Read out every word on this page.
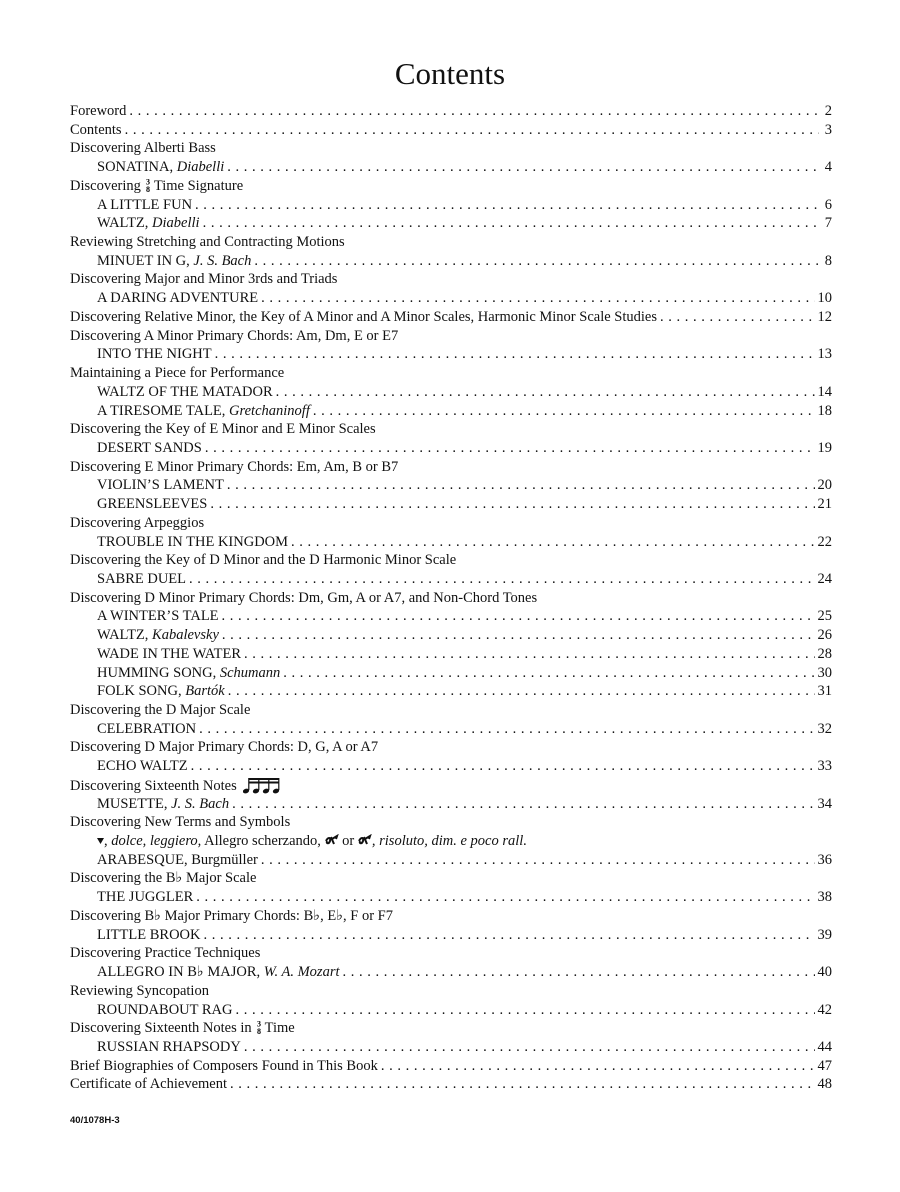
Contents
Foreword . . .	2
Contents . . .	3
Discovering Alberti Bass
SONATINA, Diabelli . . .	4
Discovering 3
8 Time Signature
A LITTLE FUN . . .	6
WALTZ, Diabelli . . .	7
Reviewing Stretching and Contracting Motions
MINUET IN G, J. S. Bach . . .	8
Discovering Major and Minor 3rds and Triads
A DARING ADVENTURE . . .	10
Discovering Relative Minor, the Key of A Minor and A Minor Scales, Harmonic Minor Scale Studies . . .	12
Discovering A Minor Primary Chords: Am, Dm, E or E7
INTO THE NIGHT . . .	13
Maintaining a Piece for Performance
WALTZ OF THE MATADOR . . .	14
A TIRESOME TALE, Gretchaninoff . . .	18
Discovering the Key of E Minor and E Minor Scales
DESERT SANDS . . .	19
Discovering E Minor Primary Chords: Em, Am, B or B7
VIOLIN’S LAMENT . . .	20
GREENSLEEVES . . .	21
Discovering Arpeggios
TROUBLE IN THE KINGDOM . . .	22
Discovering the Key of D Minor and the D Harmonic Minor Scale
SABRE DUEL . . .	24
Discovering D Minor Primary Chords: Dm, Gm, A or A7, and Non-Chord Tones
A WINTER’S TALE . . .	25
WALTZ, Kabalevsky . . .	26
WADE IN THE WATER . . .	28
HUMMING SONG, Schumann . . .	30
FOLK SONG, Bartók . . .	31
Discovering the D Major Scale
CELEBRATION . . .	32
Discovering D Major Primary Chords: D, G, A or A7
ECHO WALTZ . . .	33
Discovering Sixteenth Notes
MUSETTE, J. S. Bach . . .	34
Discovering New Terms and Symbols
, dolce, leggiero, Allegro scherzando,  or , risoluto, dim. e poco rall.
ARABESQUE, Burgmüller . . .	36
Discovering the B♭ Major Scale
THE JUGGLER . . .	38
Discovering B♭ Major Primary Chords: B♭, E♭, F or F7
LITTLE BROOK . . .	39
Discovering Practice Techniques
ALLEGRO IN B♭ MAJOR, W. A. Mozart . . .	40
Reviewing Syncopation
ROUNDABOUT RAG . . .	42
Discovering Sixteenth Notes in 3
8 Time
RUSSIAN RHAPSODY . . .	44
Brief Biographies of Composers Found in This Book . . .	47
Certificate of Achievement . . .	48
40/1078H-3
